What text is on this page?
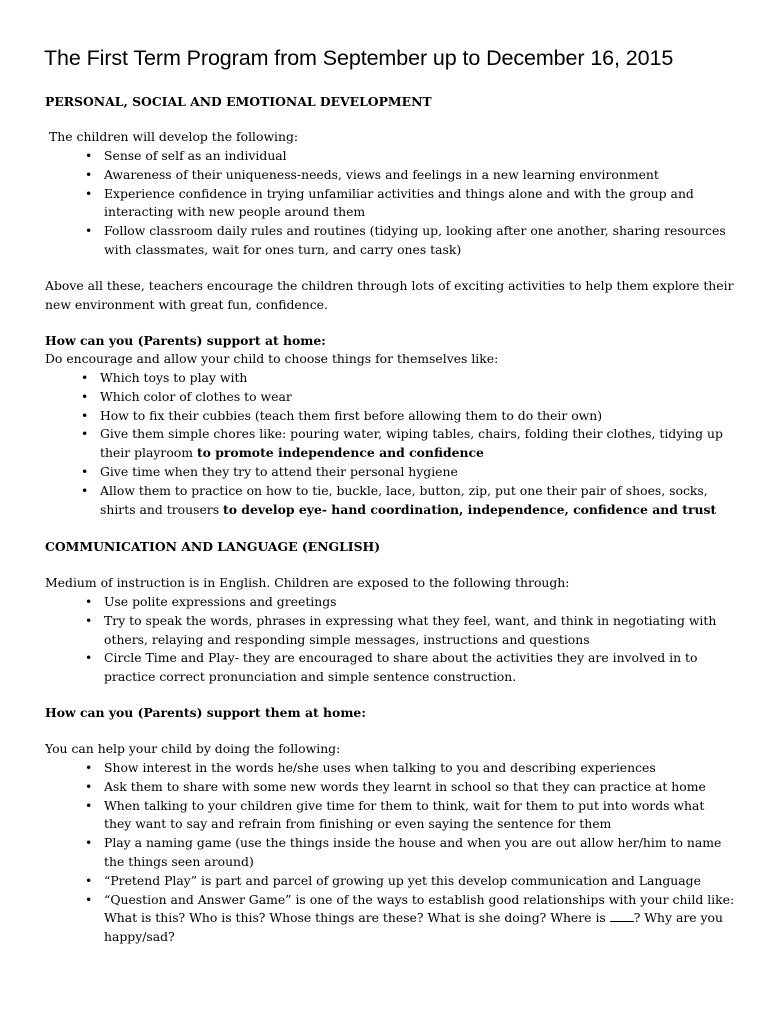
The First Term Program from September up to December 16, 2015

PERSONAL, SOCIAL AND EMOTIONAL DEVELOPMENT

The children will develop the following:

• Sense of self as an individual
• Awareness of their uniqueness-needs, views and feelings in a new learning environment
• Experience confidence in trying unfamiliar activities and things alone and with the group and interacting with new people around them
• Follow classroom daily rules and routines (tidying up, looking after one another, sharing resources with classmates, wait for ones turn, and carry ones task)

Above all these, teachers encourage the children through lots of exciting activities to help them explore their new environment with great fun, confidence.

How can you (Parents) support at home:

Do encourage and allow your child to choose things for themselves like:

• Which toys to play with
• Which color of clothes to wear
• How to fix their cubbies (teach them first before allowing them to do their own)
• Give them simple chores like: pouring water, wiping tables, chairs, folding their clothes, tidying up their playroom to promote independence and confidence
• Give time when they try to attend their personal hygiene
• Allow them to practice on how to tie, buckle, lace, button, zip, put one their pair of shoes, socks, shirts and trousers to develop eye- hand coordination, independence, confidence and trust

COMMUNICATION AND LANGUAGE (ENGLISH)

Medium of instruction is in English. Children are exposed to the following through:

• Use polite expressions and greetings
• Try to speak the words, phrases in expressing what they feel, want, and think in negotiating with others, relaying and responding simple messages, instructions and questions
• Circle Time and Play- they are encouraged to share about the activities they are involved in to practice correct pronunciation and simple sentence construction.

How can you (Parents) support them at home:

You can help your child by doing the following:

• Show interest in the words he/she uses when talking to you and describing experiences
• Ask them to share with some new words they learnt in school so that they can practice at home
• When talking to your children give time for them to think, wait for them to put into words what they want to say and refrain from finishing or even saying the sentence for them
• Play a naming game (use the things inside the house and when you are out allow her/him to name the things seen around)
• “Pretend Play” is part and parcel of growing up yet this develop communication and Language
• “Question and Answer Game” is one of the ways to establish good relationships with your child like: What is this? Who is this? Whose things are these? What is she doing? Where is ? Why are you happy/sad?
